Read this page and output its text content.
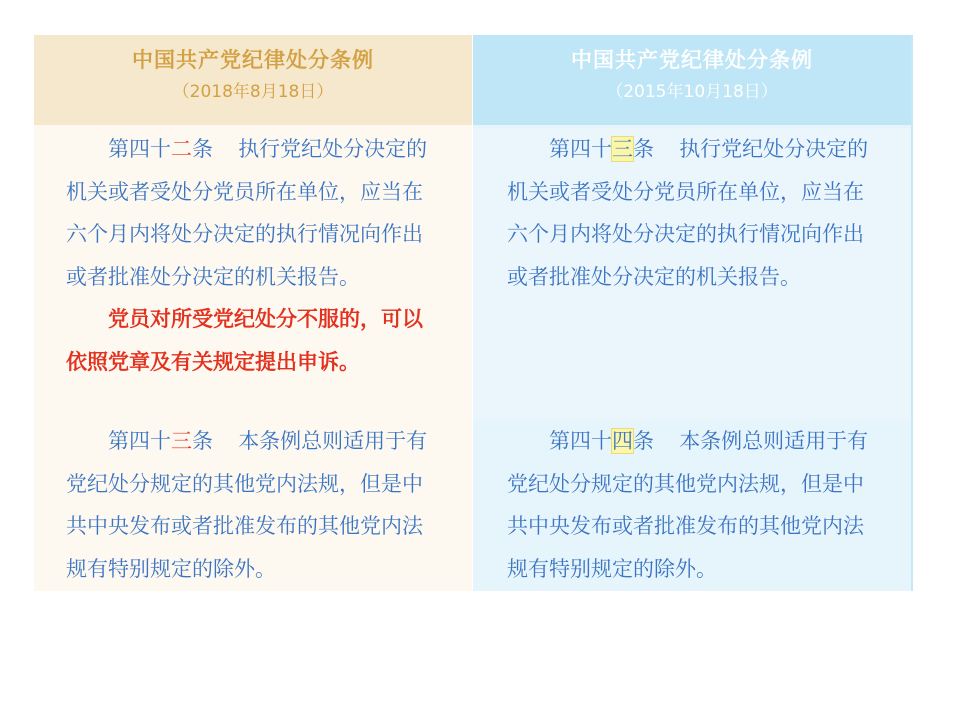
中国共产党纪律处分条例
（2018年8月18日）

第四十二条 执行党纪处分决定的机关或者受处分党员所在单位，应当在六个月内将处分决定的执行情况向作出或者批准处分决定的机关报告。

党员对所受党纪处分不服的，可以依照党章及有关规定提出申诉。

第四十三条 本条例总则适用于有党纪处分规定的其他党内法规，但是中共中央发布或者批准发布的其他党内法规有特别规定的除外。

中国共产党纪律处分条例
（2015年10月18日）

第四十三条 执行党纪处分决定的机关或者受处分党员所在单位，应当在六个月内将处分决定的执行情况向作出或者批准处分决定的机关报告。

第四十四条 本条例总则适用于有党纪处分规定的其他党内法规，但是中共中央发布或者批准发布的其他党内法规有特别规定的除外。
